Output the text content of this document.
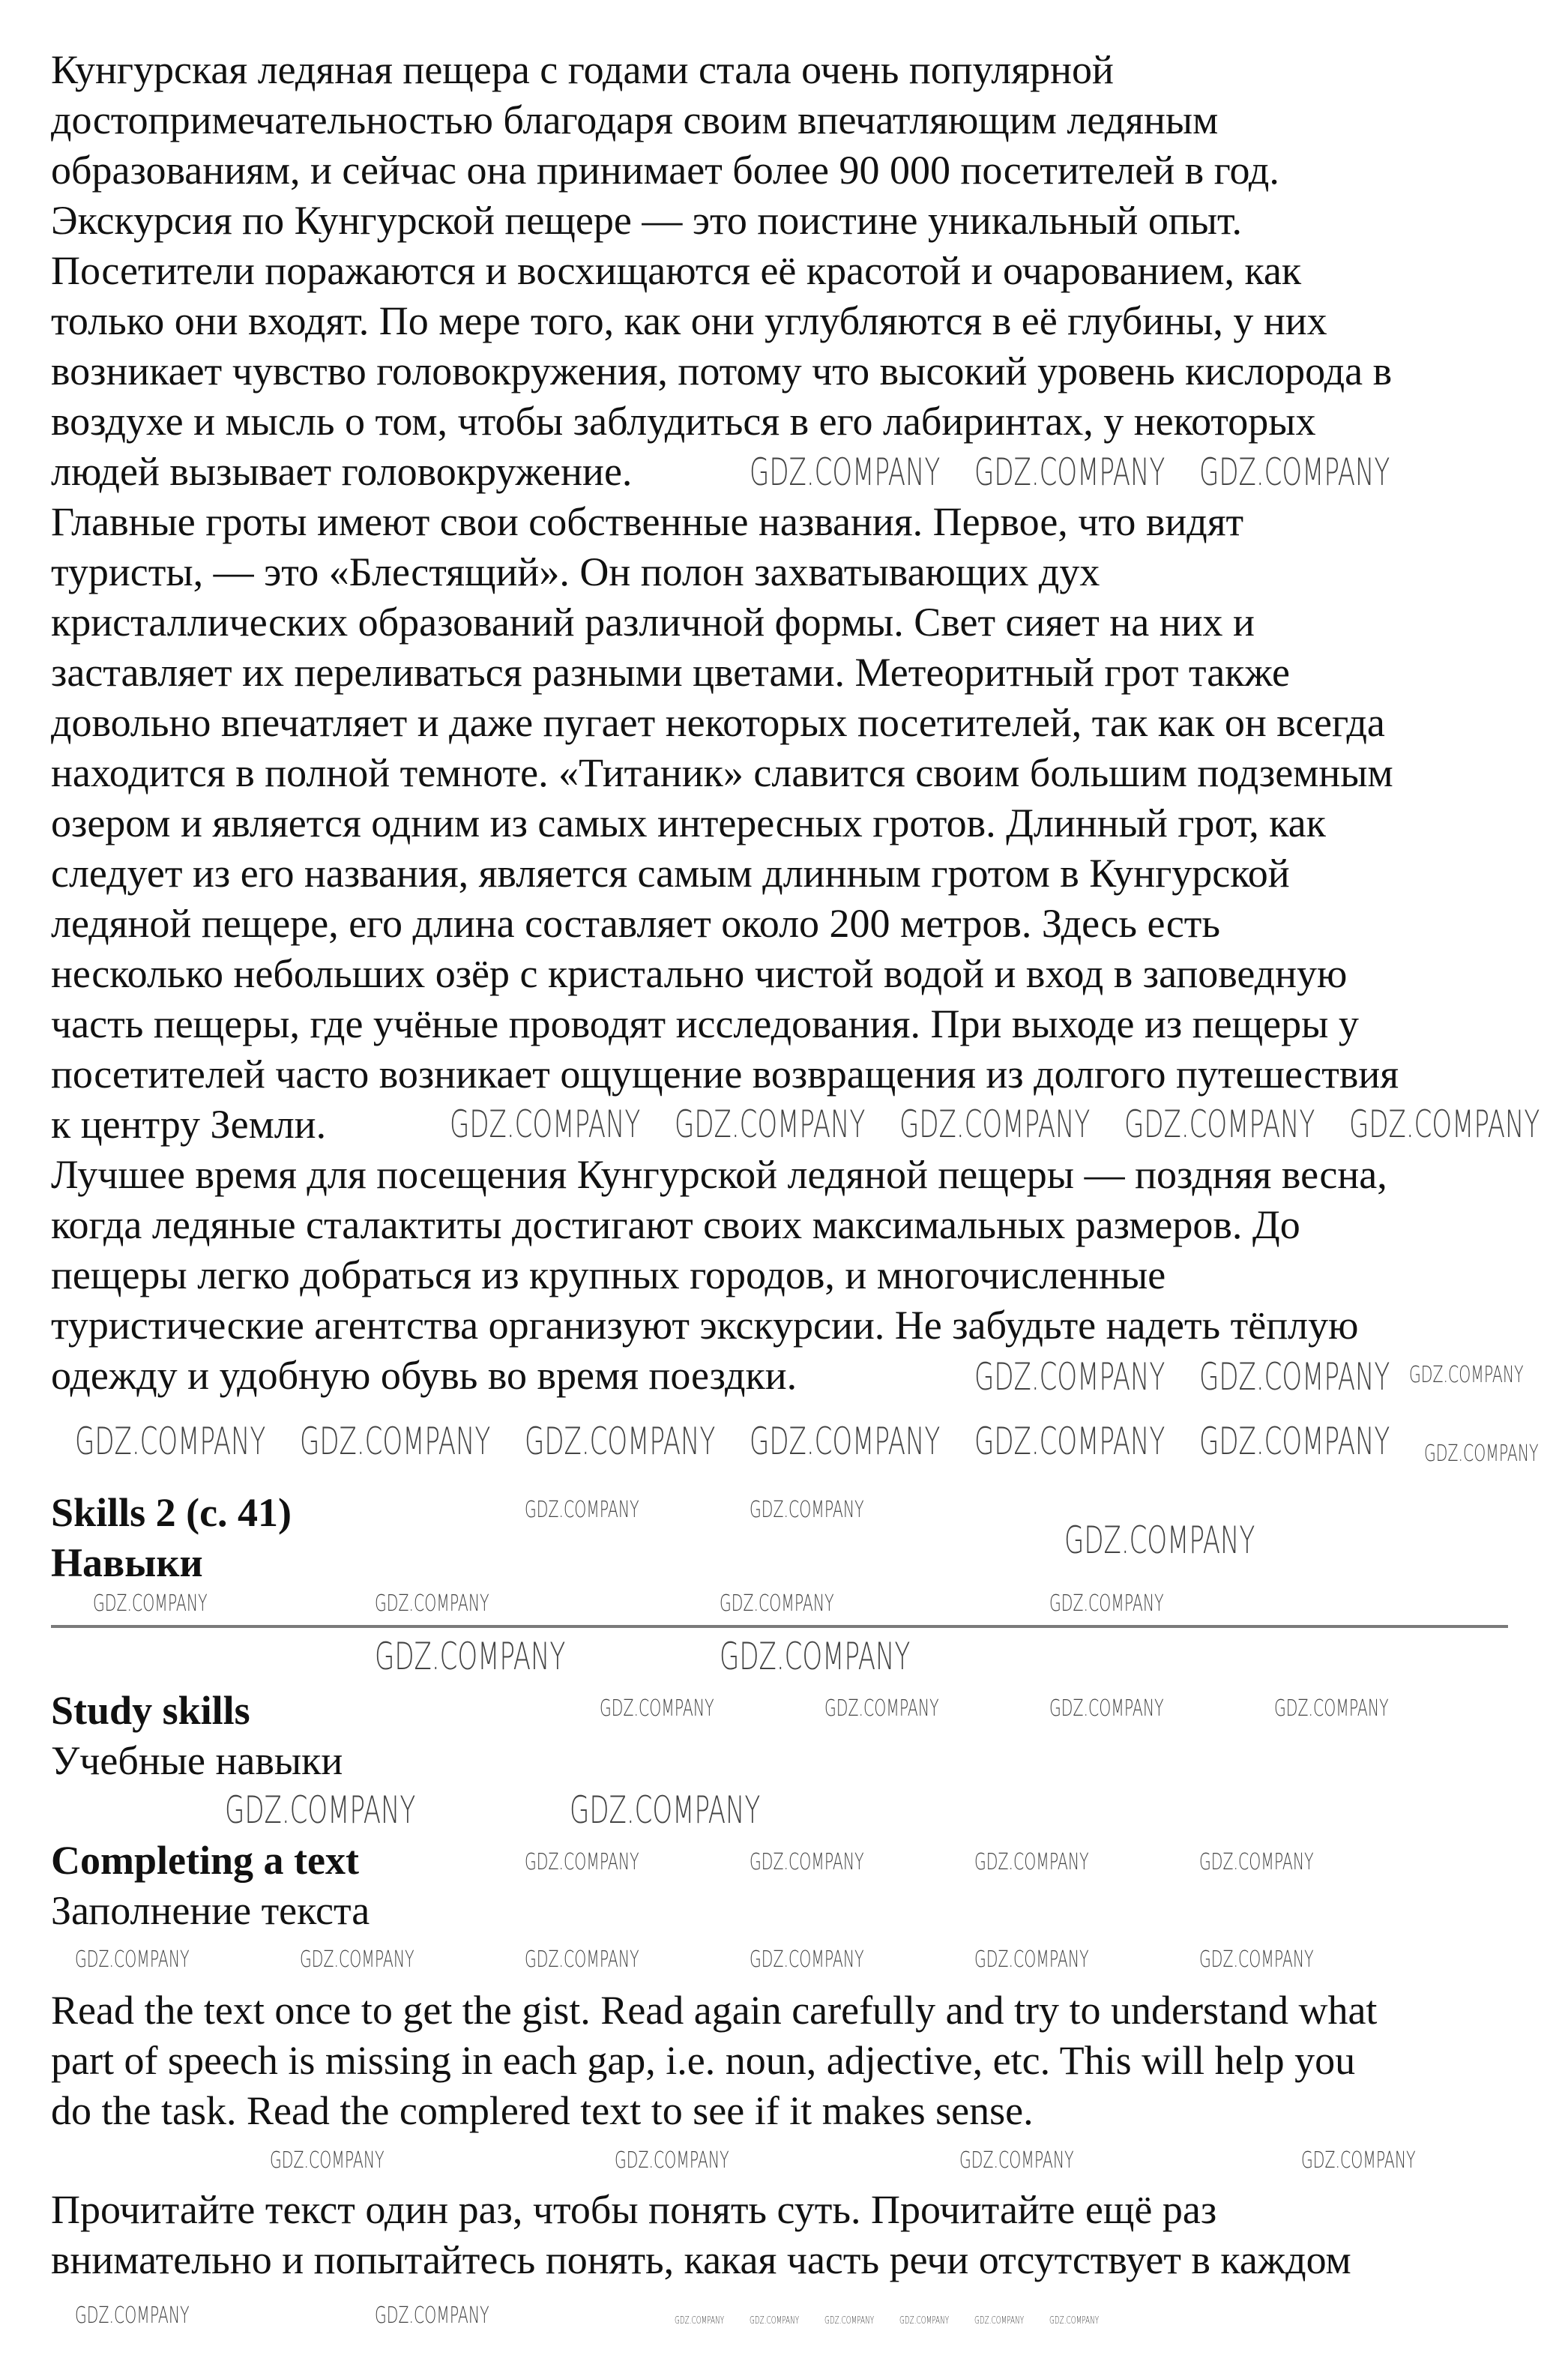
Кунгурская ледяная пещера с годами стала очень популярной
достопримечательностью благодаря своим впечатляющим ледяным
образованиям, и сейчас она принимает более 90 000 посетителей в год.
Экскурсия по Кунгурской пещере — это поистине уникальный опыт.
Посетители поражаются и восхищаются её красотой и очарованием, как
только они входят. По мере того, как они углубляются в её глубины, у них
возникает чувство головокружения, потому что высокий уровень кислорода в
воздухе и мысль о том, чтобы заблудиться в его лабиринтах, у некоторых
людей вызывает головокружение.
Главные гроты имеют свои собственные названия. Первое, что видят
туристы, — это «Блестящий». Он полон захватывающих дух
кристаллических образований различной формы. Свет сияет на них и
заставляет их переливаться разными цветами. Метеоритный грот также
довольно впечатляет и даже пугает некоторых посетителей, так как он всегда
находится в полной темноте. «Титаник» славится своим большим подземным
озером и является одним из самых интересных гротов. Длинный грот, как
следует из его названия, является самым длинным гротом в Кунгурской
ледяной пещере, его длина составляет около 200 метров. Здесь есть
несколько небольших озёр с кристально чистой водой и вход в заповедную
часть пещеры, где учёные проводят исследования. При выходе из пещеры у
посетителей часто возникает ощущение возвращения из долгого путешествия
к центру Земли.
Лучшее время для посещения Кунгурской ледяной пещеры — поздняя весна,
когда ледяные сталактиты достигают своих максимальных размеров. До
пещеры легко добраться из крупных городов, и многочисленные
туристические агентства организуют экскурсии. Не забудьте надеть тёплую
одежду и удобную обувь во время поездки.
Skills 2 (с. 41)
Навыки
Study skills
Учебные навыки
Completing a text
Заполнение текста
Read the text once to get the gist. Read again carefully and try to understand what
part of speech is missing in each gap, i.e. noun, adjective, etc. This will help you
do the task. Read the complered text to see if it makes sense.
Прочитайте текст один раз, чтобы понять суть. Прочитайте ещё раз
внимательно и попытайтесь понять, какая часть речи отсутствует в каждом
GDZ.COMPANY GDZ.COMPANY GDZ.COMPANY
GDZ.COMPANY GDZ.COMPANY GDZ.COMPANY GDZ.COMPANY GDZ.COMPANY
GDZ.COMPANY GDZ.COMPANY
GDZ.COMPANY GDZ.COMPANY GDZ.COMPANY GDZ.COMPANY GDZ.COMPANY GDZ.COMPANY
GDZ.COMPANY
GDZ.COMPANY	GDZ.COMPANY
GDZ.COMPANY	GDZ.COMPANY
GDZ.COMPANY
GDZ.COMPANY
GDZ.COMPANY	GDZ.COMPANY
GDZ.COMPANY	GDZ.COMPANY	GDZ.COMPANY	GDZ.COMPANY
GDZ.COMPANY	GDZ.COMPANY	GDZ.COMPANY	GDZ.COMPANY
GDZ.COMPANY	GDZ.COMPANY	GDZ.COMPANY	GDZ.COMPANY
GDZ.COMPANY	GDZ.COMPANY	GDZ.COMPANY	GDZ.COMPANY	GDZ.COMPANY	GDZ.COMPANY
GDZ.COMPANY	GDZ.COMPANY	GDZ.COMPANY	GDZ.COMPANY
GDZ.COMPANY	GDZ.COMPANY	GDZ.COMPANY	GDZ.COMPANY	GDZ.COMPANY	GDZ.COMPANY	GDZ.COMPANY	GDZ.COMPANY
